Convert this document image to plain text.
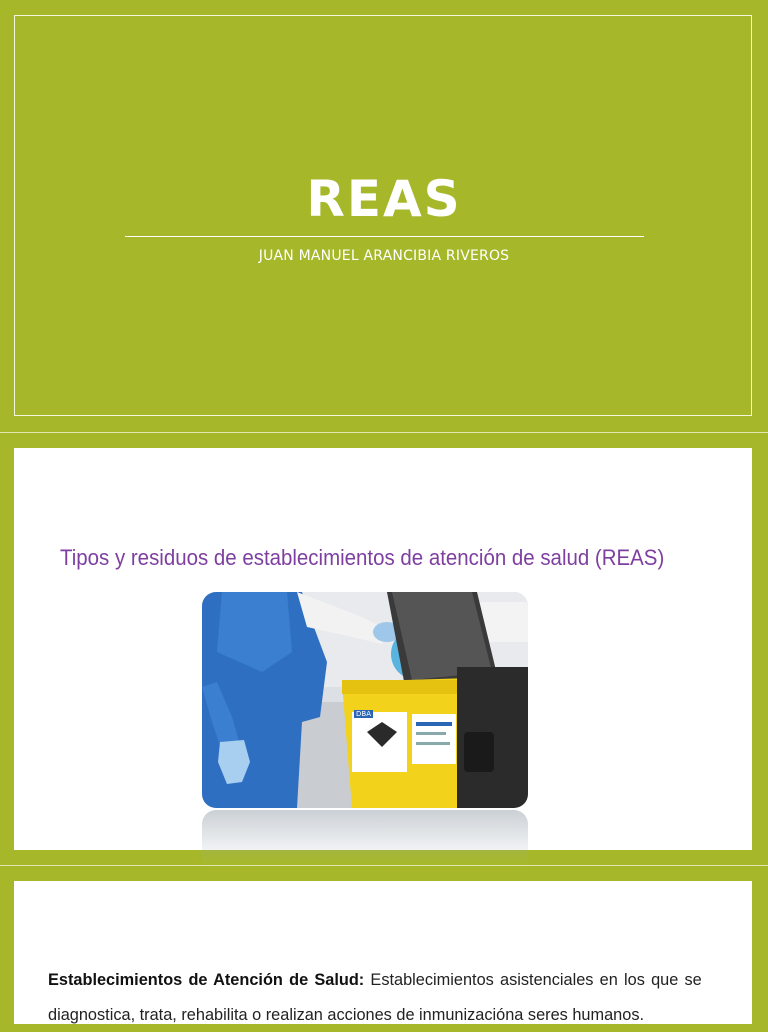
REAS
JUAN MANUEL ARANCIBIA RIVEROS
Tipos y residuos de establecimientos de atención de salud (REAS)
DBA
Establecimientos de Atención de Salud: Establecimientos asistenciales en los que se diagnostica, trata, rehabilita o realizan acciones de inmunizacióna seres humanos.
